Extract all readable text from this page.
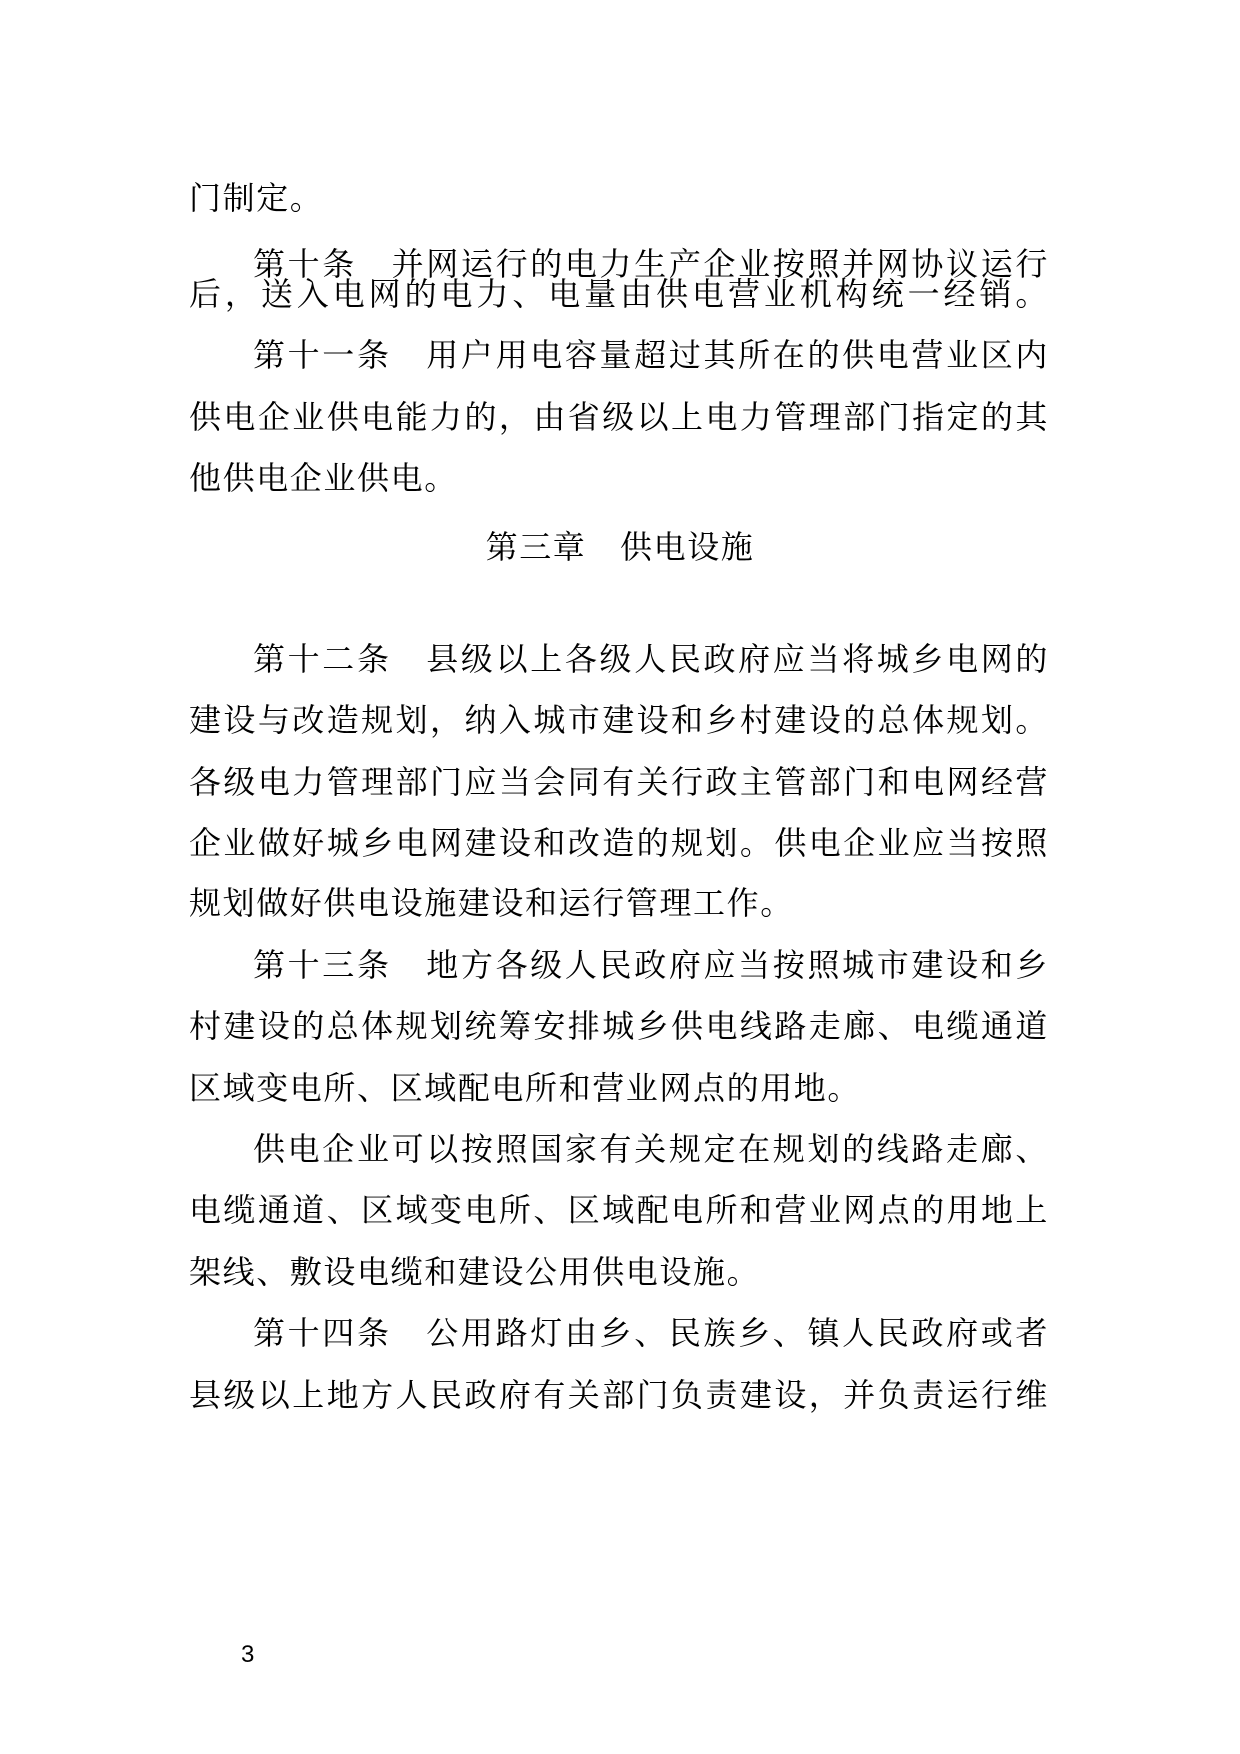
门制定。
第十条　并网运行的电力生产企业按照并网协议运行
后，送入电网的电力、电量由供电营业机构统一经销。
第十一条　用户用电容量超过其所在的供电营业区内
供电企业供电能力的，由省级以上电力管理部门指定的其
他供电企业供电。
第三章　供电设施
第十二条　县级以上各级人民政府应当将城乡电网的
建设与改造规划，纳入城市建设和乡村建设的总体规划。
各级电力管理部门应当会同有关行政主管部门和电网经营
企业做好城乡电网建设和改造的规划。供电企业应当按照
规划做好供电设施建设和运行管理工作。
第十三条　地方各级人民政府应当按照城市建设和乡
村建设的总体规划统筹安排城乡供电线路走廊、电缆通道
区域变电所、区域配电所和营业网点的用地。
供电企业可以按照国家有关规定在规划的线路走廊、
电缆通道、区域变电所、区域配电所和营业网点的用地上
架线、敷设电缆和建设公用供电设施。
第十四条　公用路灯由乡、民族乡、镇人民政府或者
县级以上地方人民政府有关部门负责建设，并负责运行维
3
